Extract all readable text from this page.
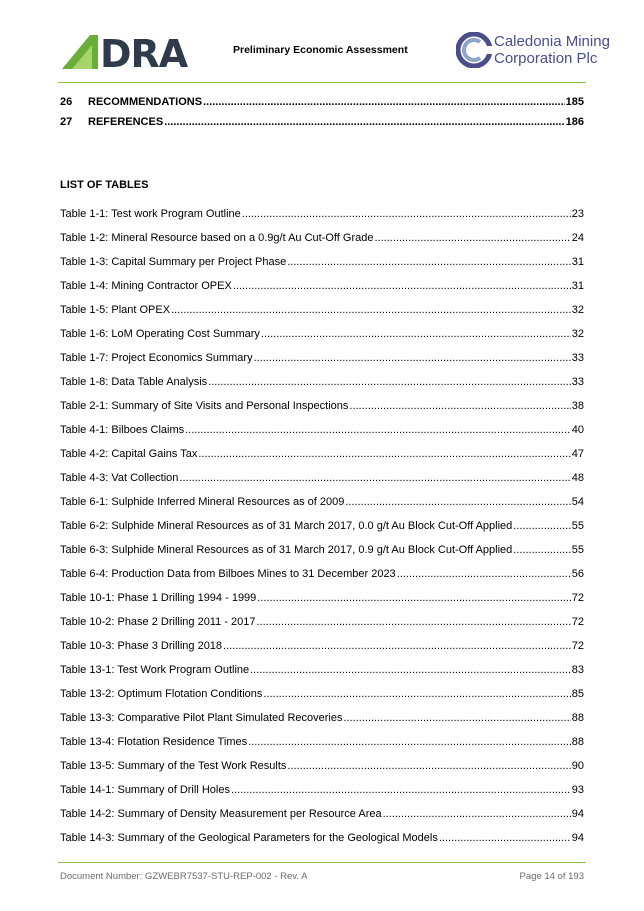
DRA	Preliminary Economic Assessment	Caledonia Mining
Corporation Plc
26 RECOMMENDATIONS .....	185
27 REFERENCES .....	186
LIST OF TABLES
Table 1-1: Test work Program Outline .....	23
Table 1-2: Mineral Resource based on a 0.9g/t Au Cut-Off Grade .....	24
Table 1-3: Capital Summary per Project Phase .....	31
Table 1-4: Mining Contractor OPEX .....	31
Table 1-5: Plant OPEX .....	32
Table 1-6: LoM Operating Cost Summary .....	32
Table 1-7: Project Economics Summary .....	33
Table 1-8: Data Table Analysis .....	33
Table 2-1: Summary of Site Visits and Personal Inspections .....	38
Table 4-1: Bilboes Claims .....	40
Table 4-2: Capital Gains Tax .....	47
Table 4-3: Vat Collection .....	48
Table 6-1: Sulphide Inferred Mineral Resources as of 2009 .....	54
Table 6-2: Sulphide Mineral Resources as of 31 March 2017, 0.0 g/t Au Block Cut-Off Applied .....	55
Table 6-3: Sulphide Mineral Resources as of 31 March 2017, 0.9 g/t Au Block Cut-Off Applied .....	55
Table 6-4: Production Data from Bilboes Mines to 31 December 2023 .....	56
Table 10-1: Phase 1 Drilling 1994 - 1999 .....	72
Table 10-2: Phase 2 Drilling 2011 - 2017 .....	72
Table 10-3: Phase 3 Drilling 2018 .....	72
Table 13-1: Test Work Program Outline .....	83
Table 13-2: Optimum Flotation Conditions .....	85
Table 13-3: Comparative Pilot Plant Simulated Recoveries .....	88
Table 13-4: Flotation Residence Times .....	88
Table 13-5: Summary of the Test Work Results .....	90
Table 14-1: Summary of Drill Holes .....	93
Table 14-2: Summary of Density Measurement per Resource Area .....	94
Table 14-3: Summary of the Geological Parameters for the Geological Models .....	94
Document Number: GZWEBR7537-STU-REP-002 - Rev. A	Page 14 of 193
